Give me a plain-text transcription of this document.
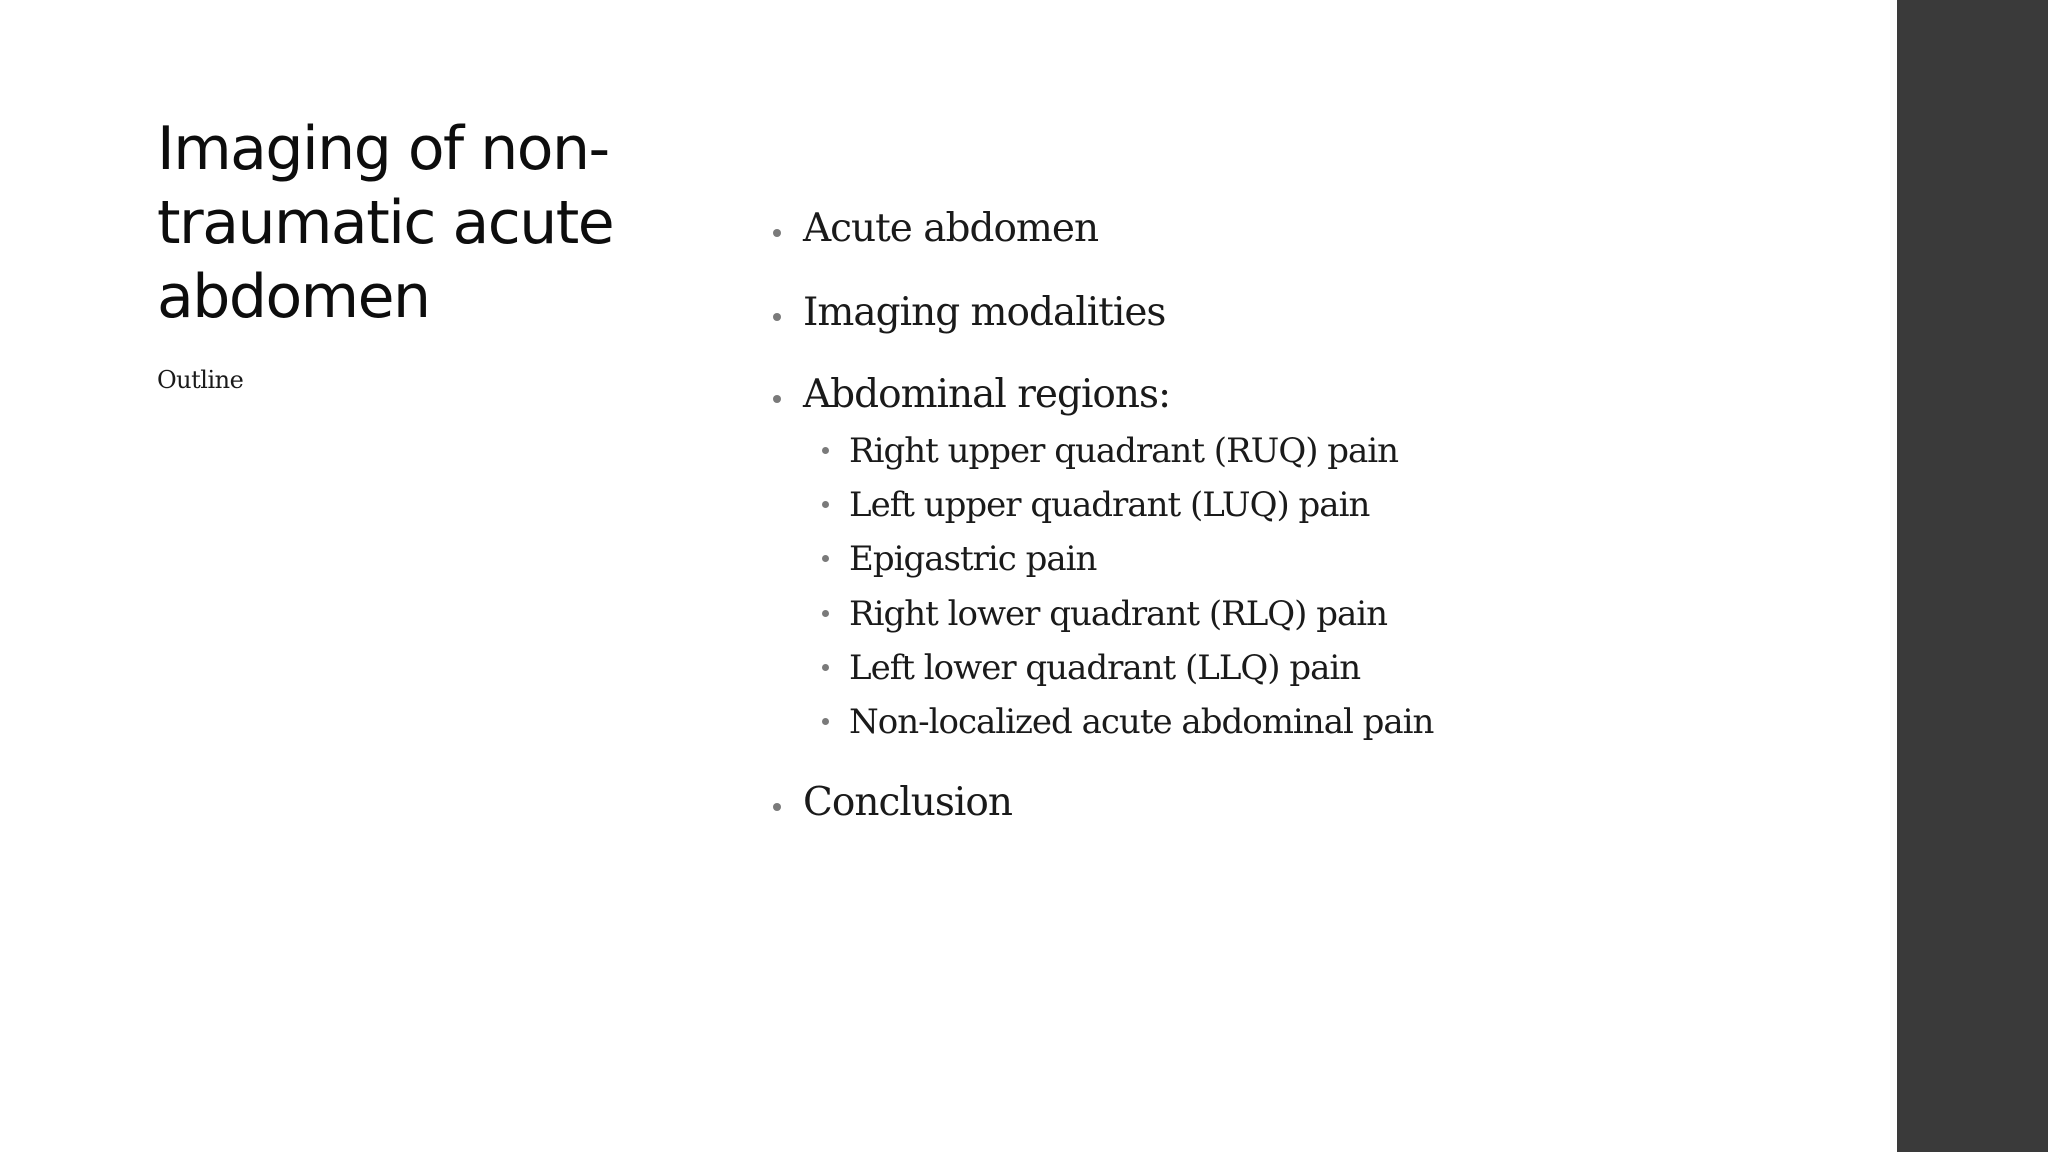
Imaging of non-traumatic acute abdomen

Outline

Acute abdomen
Imaging modalities
Abdominal regions:
Right upper quadrant (RUQ) pain
Left upper quadrant (LUQ) pain
Epigastric pain
Right lower quadrant (RLQ) pain
Left lower quadrant (LLQ) pain
Non-localized acute abdominal pain
Conclusion
